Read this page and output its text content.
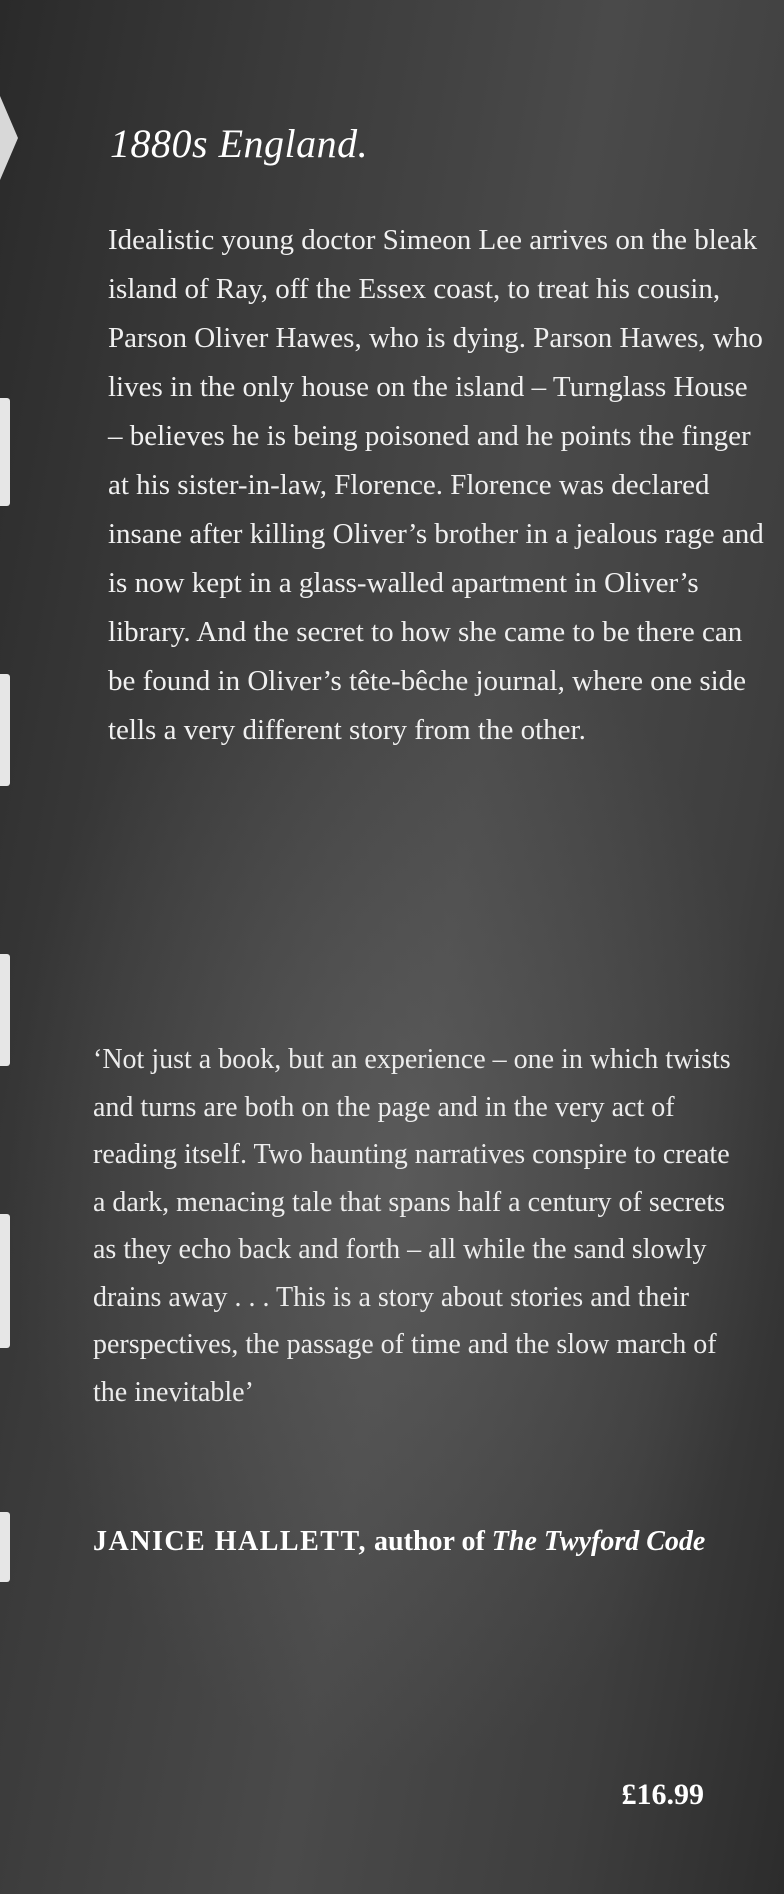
1880s England.

Idealistic young doctor Simeon Lee arrives on the bleak island of Ray, off the Essex coast, to treat his cousin, Parson Oliver Hawes, who is dying. Parson Hawes, who lives in the only house on the island – Turnglass House – believes he is being poisoned and he points the finger at his sister-in-law, Florence. Florence was declared insane after killing Oliver’s brother in a jealous rage and is now kept in a glass-walled apartment in Oliver’s library. And the secret to how she came to be there can be found in Oliver’s tête-bêche journal, where one side tells a very different story from the other.

‘Not just a book, but an experience – one in which twists and turns are both on the page and in the very act of reading itself. Two haunting narratives conspire to create a dark, menacing tale that spans half a century of secrets as they echo back and forth – all while the sand slowly drains away . . . This is a story about stories and their perspectives, the passage of time and the slow march of the inevitable’

JANICE HALLETT, author of The Twyford Code

£16.99
